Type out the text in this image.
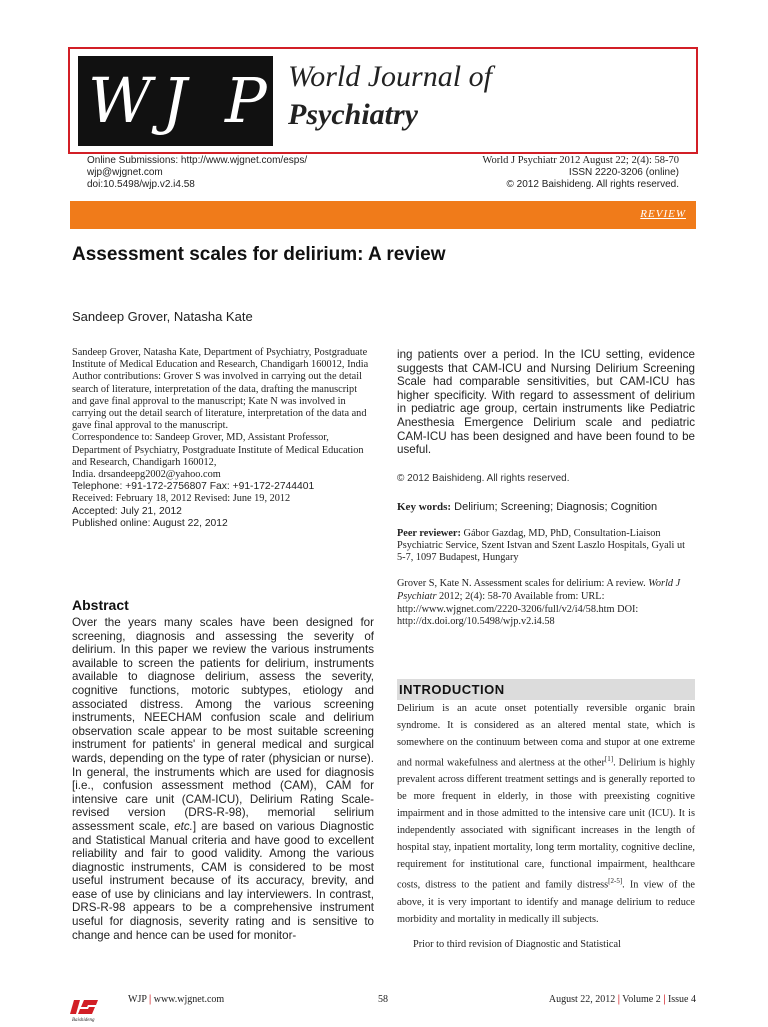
W J P World Journal of
Psychiatry
Online Submissions: http://www.wjgnet.com/esps/
wjp@wjgnet.com
doi:10.5498/wjp.v2.i4.58
World J Psychiatr 2012 August 22; 2(4): 58-70
ISSN 2220-3206 (online)
© 2012 Baishideng. All rights reserved.
REVIEW
Assessment scales for delirium: A review
Sandeep Grover, Natasha Kate

Sandeep Grover, Natasha Kate, Department of Psychiatry, Postgraduate Institute of Medical Education and Research, Chandigarh 160012, India

Author contributions: Grover S was involved in carrying out the detail search of literature, interpretation of the data, drafting the manuscript and gave final approval to the manuscript; Kate N was involved in carrying out the detail search of literature, interpretation of the data and gave final approval to the manuscript.

Correspondence to: Sandeep Grover, MD, Assistant Professor, Department of Psychiatry, Postgraduate Institute of Medical Education and Research, Chandigarh 160012,

India. drsandeepg2002@yahoo.com

Telephone: +91-172-2756807 Fax: +91-172-2744401

Received: February 18, 2012 Revised: June 19, 2012

Accepted: July 21, 2012

Published online: August 22, 2012

Abstract

Over the years many scales have been designed for screening, diagnosis and assessing the severity of delirium. In this paper we review the various instruments available to screen the patients for delirium, instruments available to diagnose delirium, assess the severity, cognitive functions, motoric subtypes, etiology and associated distress. Among the various screening instruments, NEECHAM confusion scale and delirium observation scale appear to be most suitable screening instrument for patients' in general medical and surgical wards, depending on the type of rater (physician or nurse). In general, the instruments which are used for diagnosis [i.e., confusion assessment method (CAM), CAM for intensive care unit (CAM-ICU), Delirium Rating Scale-revised version (DRS-R-98), memorial selirium assessment scale, etc.] are based on various Diagnostic and Statistical Manual criteria and have good to excellent reliability and fair to good validity. Among the various diagnostic instruments, CAM is considered to be most useful instrument because of its accuracy, brevity, and ease of use by clinicians and lay interviewers. In contrast, DRS-R-98 appears to be a comprehensive instrument useful for diagnosis, severity rating and is sensitive to change and hence can be used for monitor-

ing patients over a period. In the ICU setting, evidence suggests that CAM-ICU and Nursing Delirium Screening Scale had comparable sensitivities, but CAM-ICU has higher specificity. With regard to assessment of delirium in pediatric age group, certain instruments like Pediatric Anesthesia Emergence Delirium scale and pediatric CAM-ICU has been designed and have been found to be useful.

© 2012 Baishideng. All rights reserved.
Key words: Delirium; Screening; Diagnosis; Cognition

Peer reviewer: Gábor Gazdag, MD, PhD, Consultation-Liaison Psychiatric Service, Szent Istvan and Szent Laszlo Hospitals, Gyali ut 5-7, 1097 Budapest, Hungary

Grover S, Kate N. Assessment scales for delirium: A review. World J Psychiatr 2012; 2(4): 58-70 Available from: URL: http://www.wjgnet.com/2220-3206/full/v2/i4/58.htm DOI: http://dx.doi.org/10.5498/wjp.v2.i4.58

INTRODUCTION

Delirium is an acute onset potentially reversible organic brain syndrome. It is considered as an altered mental state, which is somewhere on the continuum between coma and stupor at one extreme and normal wakefulness and alertness at the other[1]. Delirium is highly prevalent across different treatment settings and is generally reported to be more frequent in elderly, in those with preexisting cognitive impairment and in those admitted to the intensive care unit (ICU). It is independently associated with significant increases in the length of hospital stay, inpatient mortality, long term mortality, cognitive decline, requirement for institutional care, functional impairment, healthcare costs, distress to the patient and family distress[2-5]. In view of the above, it is very important to identify and manage delirium to reduce morbidity and mortality in medically ill subjects.

Prior to third revision of Diagnostic and Statistical

Baishideng
WJP | www.wjgnet.com	58	August 22, 2012 | Volume 2 | Issue 4
